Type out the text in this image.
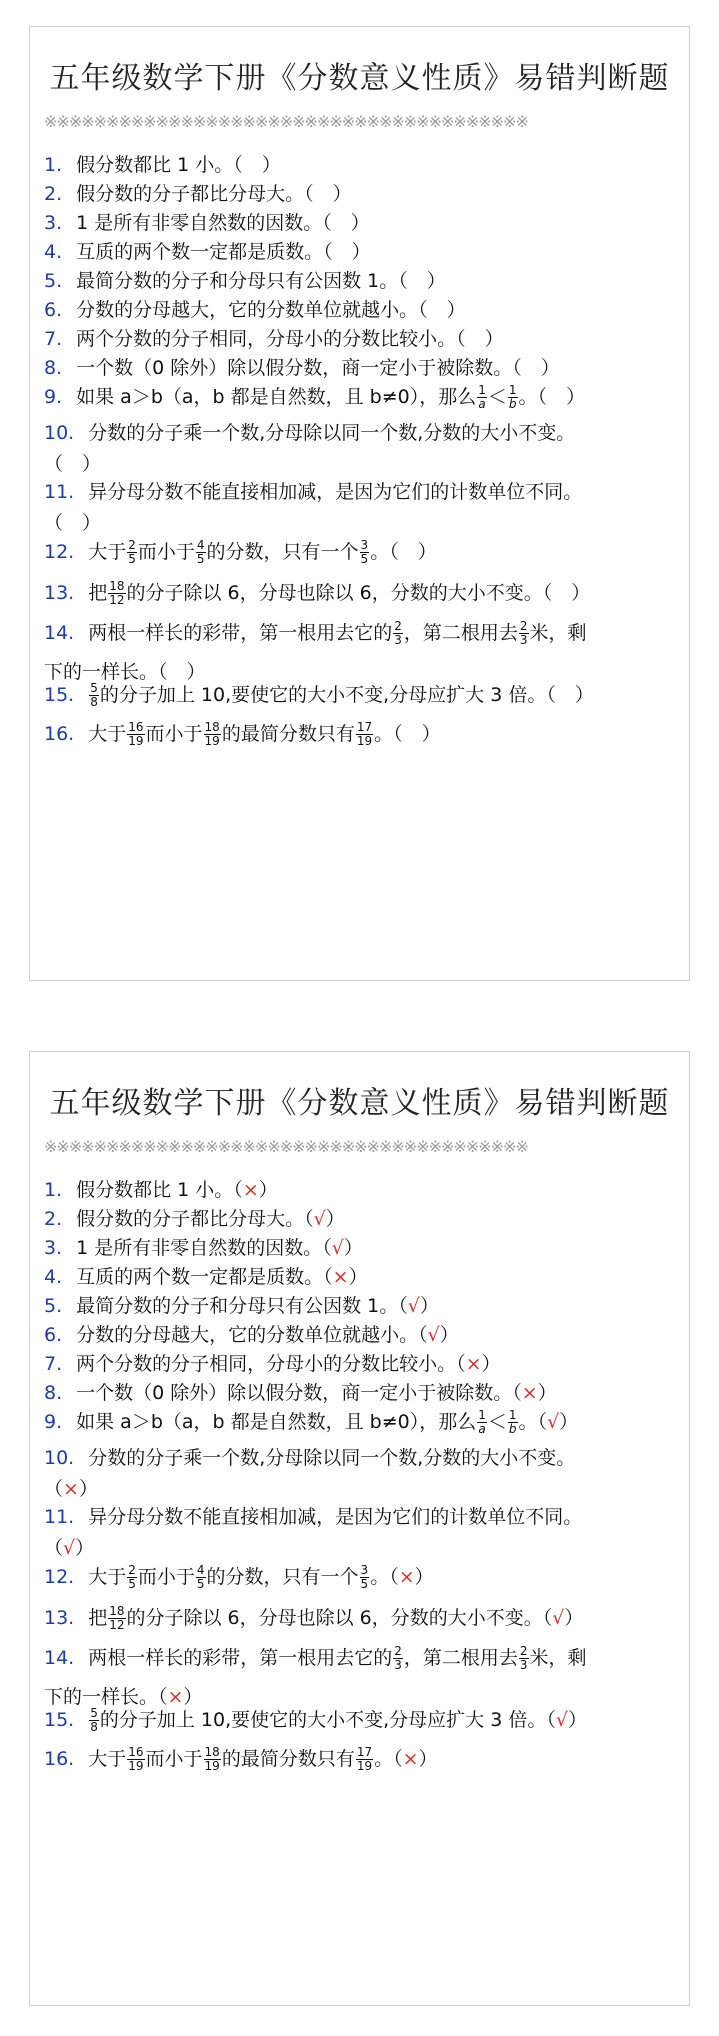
五年级数学下册《分数意义性质》易错判断题
※※※※※※※※※※※※※※※※※※※※※※※※※※※※※※※※※※※※※※※
1. 假分数都比 1 小。（　 ）
2. 假分数的分子都比分母大。（　 ）
3. 1 是所有非零自然数的因数。（　 ）
4. 互质的两个数一定都是质数。（　 ）
5. 最简分数的分子和分母只有公因数 1。（　 ）
6. 分数的分母越大，它的分数单位就越小。（　 ）
7. 两个分数的分子相同，分母小的分数比较小。（　 ）
8. 一个数（0 除外）除以假分数，商一定小于被除数。（　 ）
9. 如果 a＞b（a，b 都是自然数，且 b≠0），那么 $\frac{1}{a} < \frac{1}{b}$ 。（　 ）
10. 分数的分子乘一个数,分母除以同一个数,分数的大小不变。
（　 ）
11. 异分母分数不能直接相加减，是因为它们的计数单位不同。
（　 ）
12. 大于 $\frac{2}{5}$ 而小于 $\frac{4}{5}$ 的分数，只有一个 $\frac{3}{5}$ 。（　 ）
13. 把 $\frac{18}{12}$ 的分子除以 6，分母也除以 6，分数的大小不变。（　 ）
14. 两根一样长的彩带，第一根用去它的 $\frac{2}{3}$ ，第二根用去 $\frac{2}{3}$ 米，剩
下的一样长。（　 ）
15. $\frac{5}{8}$ 的分子加上 10,要使它的大小不变,分母应扩大 3 倍。（　 ）
16. 大于 $\frac{16}{19}$ 而小于 $\frac{18}{19}$ 的最简分数只有 $\frac{17}{19}$ 。（　 ）
五年级数学下册《分数意义性质》易错判断题
※※※※※※※※※※※※※※※※※※※※※※※※※※※※※※※※※※※※※※※
1. 假分数都比 1 小。（×）
2. 假分数的分子都比分母大。（√）
3. 1 是所有非零自然数的因数。（√）
4. 互质的两个数一定都是质数。（×）
5. 最简分数的分子和分母只有公因数 1。（√）
6. 分数的分母越大，它的分数单位就越小。（√）
7. 两个分数的分子相同，分母小的分数比较小。（×）
8. 一个数（0 除外）除以假分数，商一定小于被除数。（×）
9. 如果 a＞b（a，b 都是自然数，且 b≠0），那么 $\frac{1}{a} < \frac{1}{b}$ 。（√）
10. 分数的分子乘一个数,分母除以同一个数,分数的大小不变。
（×）
11. 异分母分数不能直接相加减，是因为它们的计数单位不同。
（√）
12. 大于 $\frac{2}{5}$ 而小于 $\frac{4}{5}$ 的分数，只有一个 $\frac{3}{5}$ 。（×）
13. 把 $\frac{18}{12}$ 的分子除以 6，分母也除以 6，分数的大小不变。（√）
14. 两根一样长的彩带，第一根用去它的 $\frac{2}{3}$ ，第二根用去 $\frac{2}{3}$ 米，剩
下的一样长。（×）
15. $\frac{5}{8}$ 的分子加上 10,要使它的大小不变,分母应扩大 3 倍。（√）
16. 大于 $\frac{16}{19}$ 而小于 $\frac{18}{19}$ 的最简分数只有 $\frac{17}{19}$ 。（×）
